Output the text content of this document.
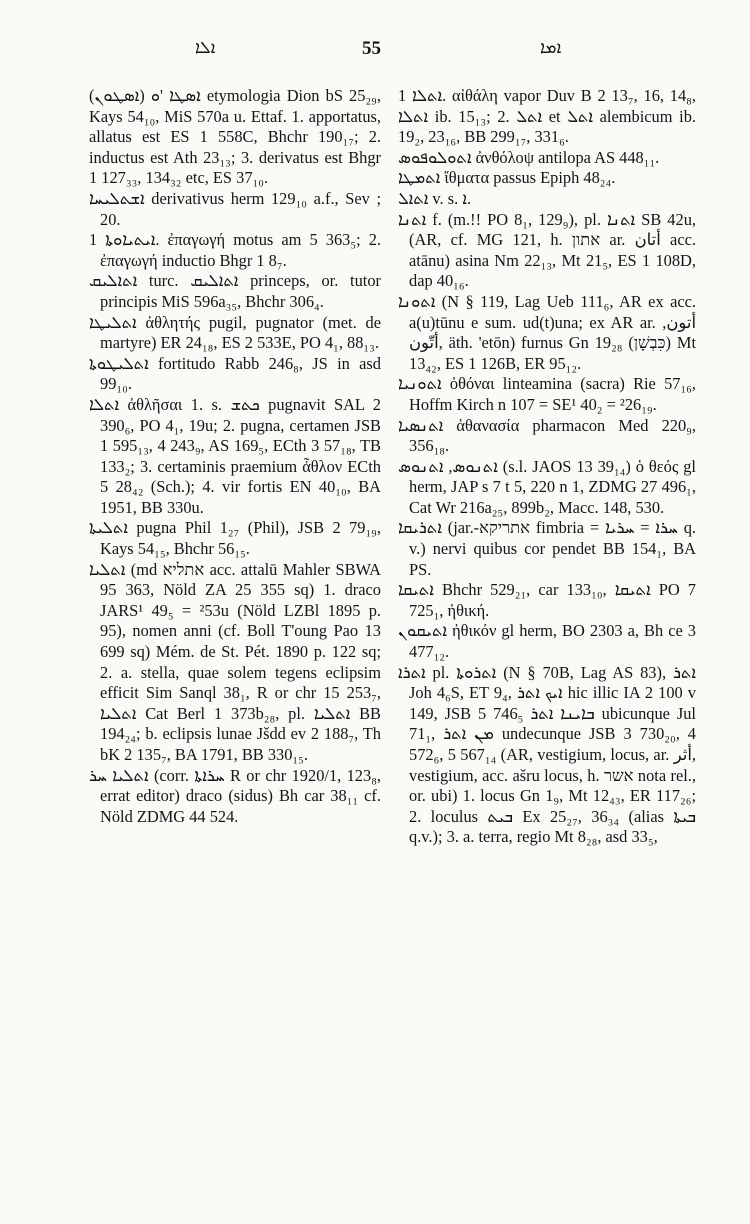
ܐܠܐ	55	ܐܡܐ

(ܐܣܛܘܢ) ܐܣܛܐ 'ܘ etymologia Dion bS 25₂₉, Kays 54₁₀, MiS 570a u. Ettaf. 1. apportatus, allatus est ES 1 558C, Bhchr 190₁₇; 2. inductus est Ath 23₁₃; 3. derivatus est Bhgr 1 127₃₃, 134₃₂ etc, ES 37₁₀.

ܐܫܬܠܝܚܐ derivativus herm 129₁₀ a.f., Sev ; 20.

ܐܝܬܝܐܘܬܐ 1. ἐπαγωγή motus am 5 363₅; 2. ἐπαγωγή inductio Bhgr 1 8₇.

ܐܬܐܠܝܩ turc. ܐܬܐܠܝܩ princeps, or. tutor principis MiS 596a₃₅, Bhchr 306₄.

ܐܬܠܝܛܐ ἀθλητής pugil, pugnator (met. de martyre) ER 24₁₈, ES 2 533E, PO 4₁, 88₁₃.

ܐܬܠܝܛܘܬܐ fortitudo Rabb 246₈, JS in asd 99₁₀.

ܐܬܠܐ ἀθλῆσαι 1. s. ܟܬܫ pugnavit SAL 2 390₆, PO 4₁, 19u; 2. pugna, certamen JSB 1 595₁₃, 4 243₉, AS 169₅, ECth 3 57₁₈, TB 133₂; 3. certaminis praemium ἆθλον ECth 5 28₄₂ (Sch.); 4. vir fortis EN 40₁₀, BA 1951, BB 330u.

ܐܬܠܝܬܐ pugna Phil 1₂₇ (Phil), JSB 2 79₁₉, Kays 54₁₅, Bhchr 56₁₅.

ܐܬܠܝܐ (md אתליא acc. attalū Mahler SBWA 95 363, Nöld ZA 25 355 sq) 1. draco JARS¹ 49₅ = ²53u (Nöld LZBl 1895 p. 95), nomen anni (cf. Boll T'oung Pao 13 699 sq) Mém. de St. Pét. 1890 p. 122 sq; 2. a. stella, quae solem tegens eclipsim efficit Sim Sanql 38₁, R or chr 15 253₇, ܐܬܠܝܐ Cat Berl 1 373b₂₈, pl. ܐܬܠܝܐ BB 194₂₄; b. eclipsis lunae Jšdd ev 2 188₇, Th bK 2 135₇, BA 1791, BB 330₁₅.

ܐܬܠܝܐ ܚܪ (corr. ܚܪܐܬܐ R or chr 1920/1, 123₈, errat editor) draco (sidus) Bh car 38₁₁ cf. Nöld ZDMG 44 524.

ܐܬܠܐ 1. αἰθάλη vapor Duv B 2 13₇, 16, 14₈, ܐܬܠܐ ib. 15₁₃; 2. ܐܬܠ et ܐܬܠ alembicum ib. 19₂, 23₁₆, BB 299₁₇, 331₆.

ܐܬܘܠܘܦܘܣ ἀνθόλοψ antilopa AS 448₁₁.

ܐܬܡܛܐ ἴθματα passus Epiph 48₂₄.

ܐܬܐܠ v. s. ܐ.

ܐܬܢܐ f. (m.!! PO 8₁, 129₉), pl. ܐܬܢܐ SB 42u, (AR, cf. MG 121, h. אתון ar. أتان acc. atānu) asina Nm 22₁₃, Mt 21₅, ES 1 108D, dap 40₁₆.

ܐܬܘܢܐ (N § 119, Lag Ueb 111₆, AR ex acc. a(u)tūnu e sum. ud(t)una; ex AR ar. أتون, أتّون, äth. 'etōn) furnus Gn 19₂₈ (כִּבְשָׁן) Mt 13₄₂, ES 1 126B, ER 95₁₂.

ܐܬܘܢܝܐ ὀθόναι linteamina (sacra) Rie 57₁₆, Hoffm Kirch n 107 = SE¹ 40₂ = ²26₁₉.

ܐܬܢܣܝܐ ἀθανασία pharmacon Med 220₉, 356₁₈.

ܐܬܢܘܣ, ܐܬܢܘܣ (s.l. JAOS 13 39₁₄) ὁ θεός gl herm, JAP s 7 t 5, 220 n 1, ZDMG 27 496₁, Cat Wr 216a₂₅, 899b₂, Macc. 148, 530.

ܐܬܪܝܩܐ (jar.-אתריקא fimbria = ܚܪܐ = ܚܪܝܐ q. v.) nervi quibus cor pendet BB 154₁, BA PS.

ܐܬܝܩܐ Bhchr 529₂₁, car 133₁₀, ܐܬܝܩܐ PO 7 725₁, ἠθική.

ܐܬܝܩܘܢ ἠθικόν gl herm, BO 2303 a, Bh ce 3 477₁₂.

ܐܬܪܐ pl. ܐܬܪܘܬܐ (N § 70B, Lag AS 83), ܐܬܪ Joh 4₆S, ET 9₄, ܐܝܟ ܐܬܪ hic illic IA 2 100 v 149, JSB 5 746₅ ܒܐܝܢܐ ܐܬܪ ubicunque Jul 71₁, ܡܢ ܐܬܪ undecunque JSB 3 730₂₀, 4 572₆, 5 567₁₄ (AR, vestigium, locus, ar. أثر, vestigium, acc. ašru locus, h. אשר nota rel., or. ubi) 1. locus Gn 1₉, Mt 12₄₃, ER 117₂₆; 2. loculus ܒܝܬ Ex 25₂₇, 36₃₄ (alias ܒܝܬܐ q.v.); 3. a. terra, regio Mt 8₂₈, asd 33₅,
